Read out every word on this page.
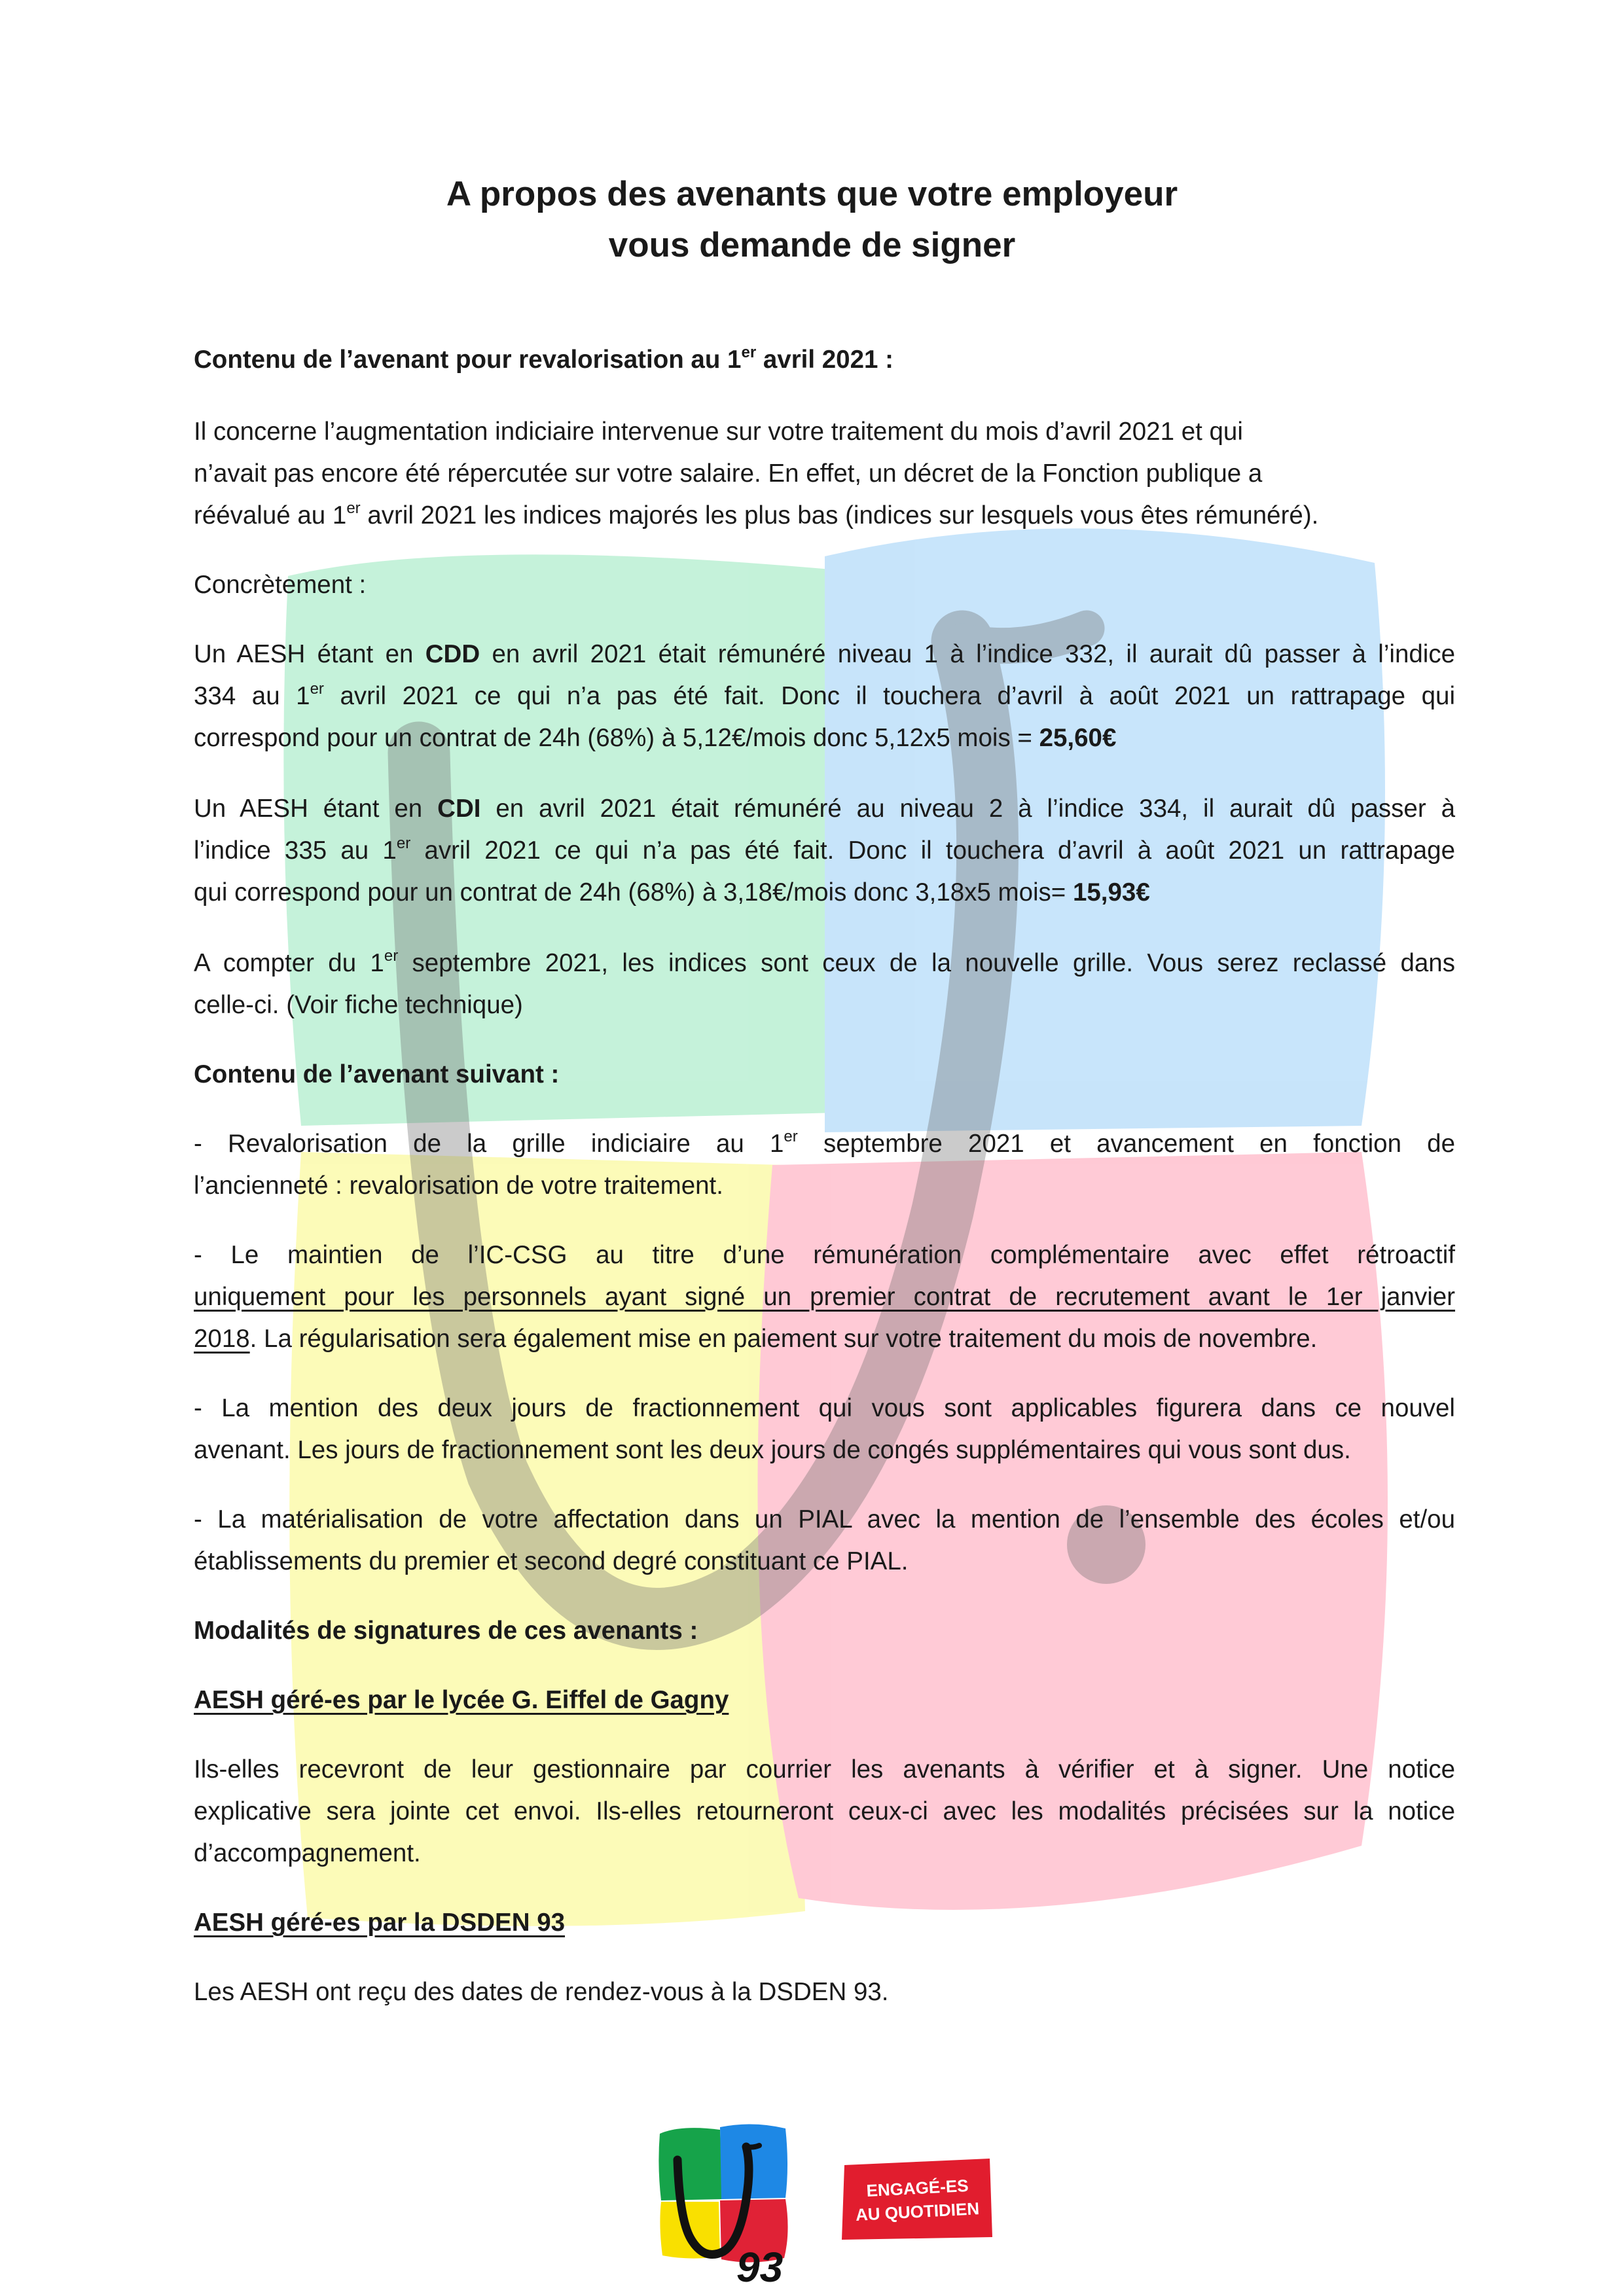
A propos des avenants que votre employeur
vous demande de signer

Contenu de l’avenant pour revalorisation au 1er avril 2021 :

Il concerne l’augmentation indiciaire intervenue sur votre traitement du mois d’avril 2021 et qui

n’avait pas encore été répercutée sur votre salaire. En effet, un décret de la Fonction publique a

réévalué au 1er avril 2021 les indices majorés les plus bas (indices sur lesquels vous êtes rémunéré).

Concrètement :

Un AESH étant en CDD en avril 2021 était rémunéré niveau 1 à l’indice 332, il aurait dû passer à l’indice

334 au 1er avril 2021 ce qui n’a pas été fait. Donc il touchera d’avril à août 2021 un rattrapage qui

correspond pour un contrat de 24h (68%) à 5,12€/mois donc 5,12x5 mois = 25,60€

Un AESH étant en CDI en avril 2021 était rémunéré au niveau 2 à l’indice 334, il aurait dû passer à

l’indice 335 au 1er avril 2021 ce qui n’a pas été fait. Donc il touchera d’avril à août 2021 un rattrapage

qui correspond pour un contrat de 24h (68%) à 3,18€/mois donc 3,18x5 mois= 15,93€

A compter du 1er septembre 2021, les indices sont ceux de la nouvelle grille. Vous serez reclassé dans

celle-ci. (Voir fiche technique)

Contenu de l’avenant suivant :

- Revalorisation de la grille indiciaire au 1er septembre 2021 et avancement en fonction de

l’ancienneté : revalorisation de votre traitement.

- Le maintien de l’IC-CSG au titre d’une rémunération complémentaire avec effet rétroactif

uniquement pour les personnels ayant signé un premier contrat de recrutement avant le 1er janvier

2018. La régularisation sera également mise en paiement sur votre traitement du mois de novembre.

- La mention des deux jours de fractionnement qui vous sont applicables figurera dans ce nouvel

avenant. Les jours de fractionnement sont les deux jours de congés supplémentaires qui vous sont dus.

- La matérialisation de votre affectation dans un PIAL avec la mention de l’ensemble des écoles et/ou

établissements du premier et second degré constituant ce PIAL.

Modalités de signatures de ces avenants :

AESH géré-es par le lycée G. Eiffel de Gagny

Ils-elles recevront de leur gestionnaire par courrier les avenants à vérifier et à signer. Une notice

explicative sera jointe cet envoi. Ils-elles retourneront ceux-ci avec les modalités précisées sur la notice

d’accompagnement.

AESH géré-es par la DSDEN 93

Les AESH ont reçu des dates de rendez-vous à la DSDEN 93.

93
ENGAGÉ-ES
AU QUOTIDIEN
